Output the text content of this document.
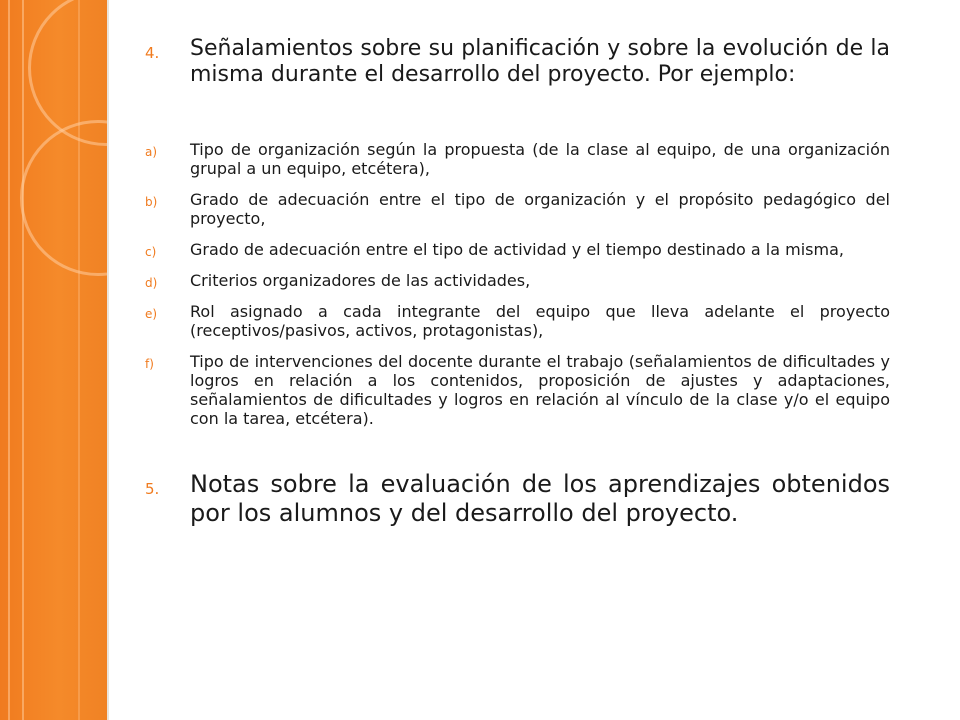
4. Señalamientos sobre su planificación y sobre la evolución de la misma durante el desarrollo del proyecto. Por ejemplo:
a) Tipo de organización según la propuesta (de la clase al equipo, de una organización grupal a un equipo, etcétera),
b) Grado de adecuación entre el tipo de organización y el propósito pedagógico del proyecto,
c) Grado de adecuación entre el tipo de actividad y el tiempo destinado a la misma,
d) Criterios organizadores de las actividades,
e) Rol asignado a cada integrante del equipo que lleva adelante el proyecto (receptivos/pasivos, activos, protagonistas),
f) Tipo de intervenciones del docente durante el trabajo (señalamientos de dificultades y logros en relación a los contenidos, proposición de ajustes y adaptaciones, señalamientos de dificultades y logros en relación al vínculo de la clase y/o el equipo con la tarea, etcétera).
5. Notas sobre la evaluación de los aprendizajes obtenidos por los alumnos y del desarrollo del proyecto.
